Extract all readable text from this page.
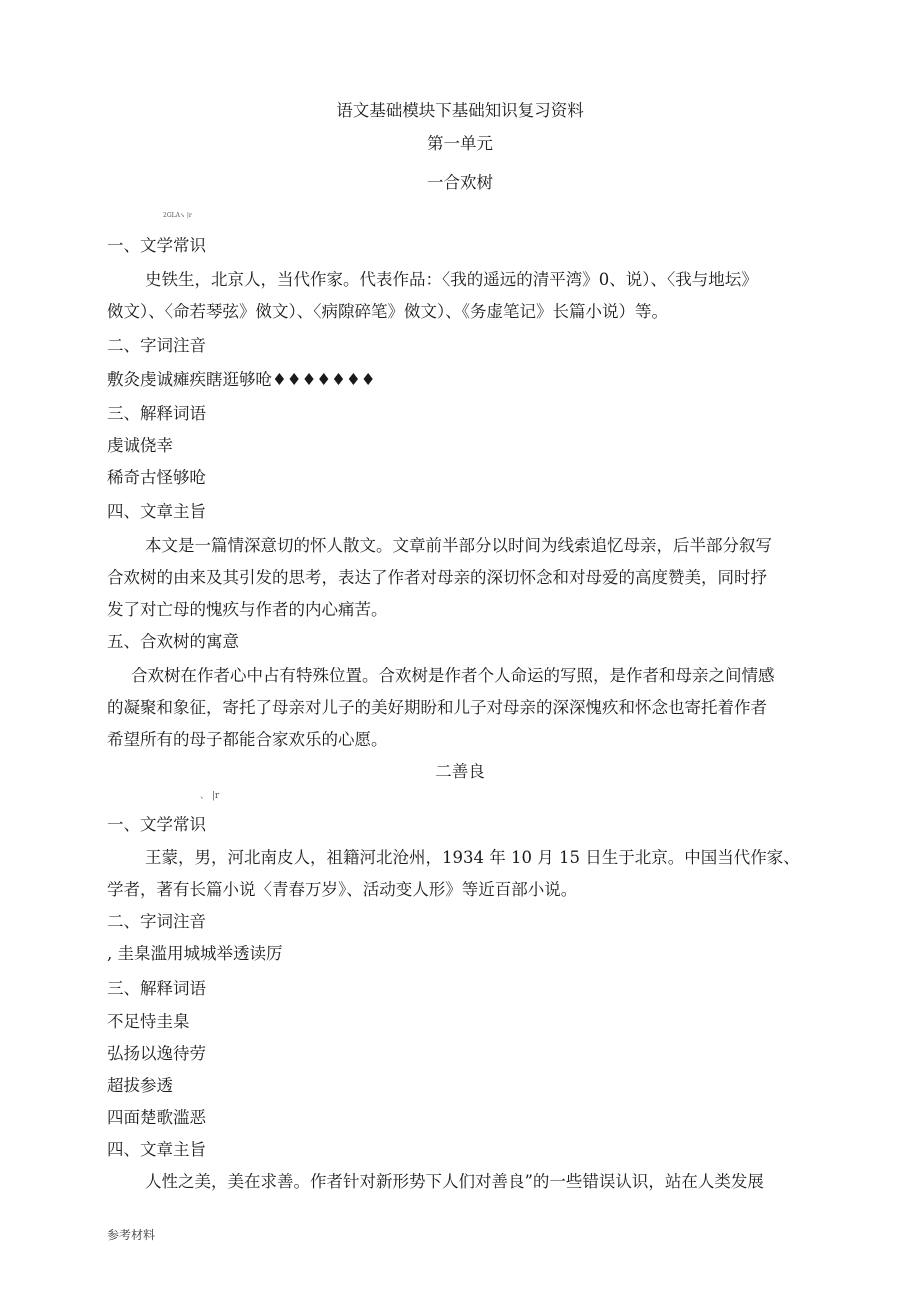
语文基础模块下基础知识复习资料
第一单元
一合欢树
2GLA↘ |r
一、文学常识
史铁生，北京人，当代作家。代表作品：〈我的遥远的清平湾》0、说）、〈我与地坛》
傚文）、〈命若琴弦》傚文）、〈病隙碎笔》傚文）、《务虚笔记》长篇小说）等。
二、字词注音
敷灸虔诚瘫疾瞎逛够呛♦♦♦♦♦♦♦
三、解释词语
虔诚侥幸
稀奇古怪够呛
四、文章主旨
本文是一篇情深意切的怀人散文。文章前半部分以时间为线索追忆母亲，后半部分叙写
合欢树的由来及其引发的思考，表达了作者对母亲的深切怀念和对母爱的高度赞美，同时抒
发了对亡母的愧疚与作者的内心痛苦。
五、合欢树的寓意
合欢树在作者心中占有特殊位置。合欢树是作者个人命运的写照，是作者和母亲之间情感
的凝聚和象征，寄托了母亲对儿子的美好期盼和儿子对母亲的深深愧疚和怀念也寄托着作者
希望所有的母子都能合家欢乐的心愿。
二善良
、 |r
一、文学常识
王蒙，男，河北南皮人，祖籍河北沧州，1934 年 10 月 15 日生于北京。中国当代作家、
学者，著有长篇小说〈青春万岁》、活动变人形》等近百部小说。
二、字词注音
, 圭臬滥用城城举透读厉
三、解释词语
不足恃圭臬
弘扬以逸待劳
超拔参透
四面楚歌滥恶
四、文章主旨
人性之美，美在求善。作者针对新形势下人们对善良”的一些错误认识，站在人类发展
参考材料
